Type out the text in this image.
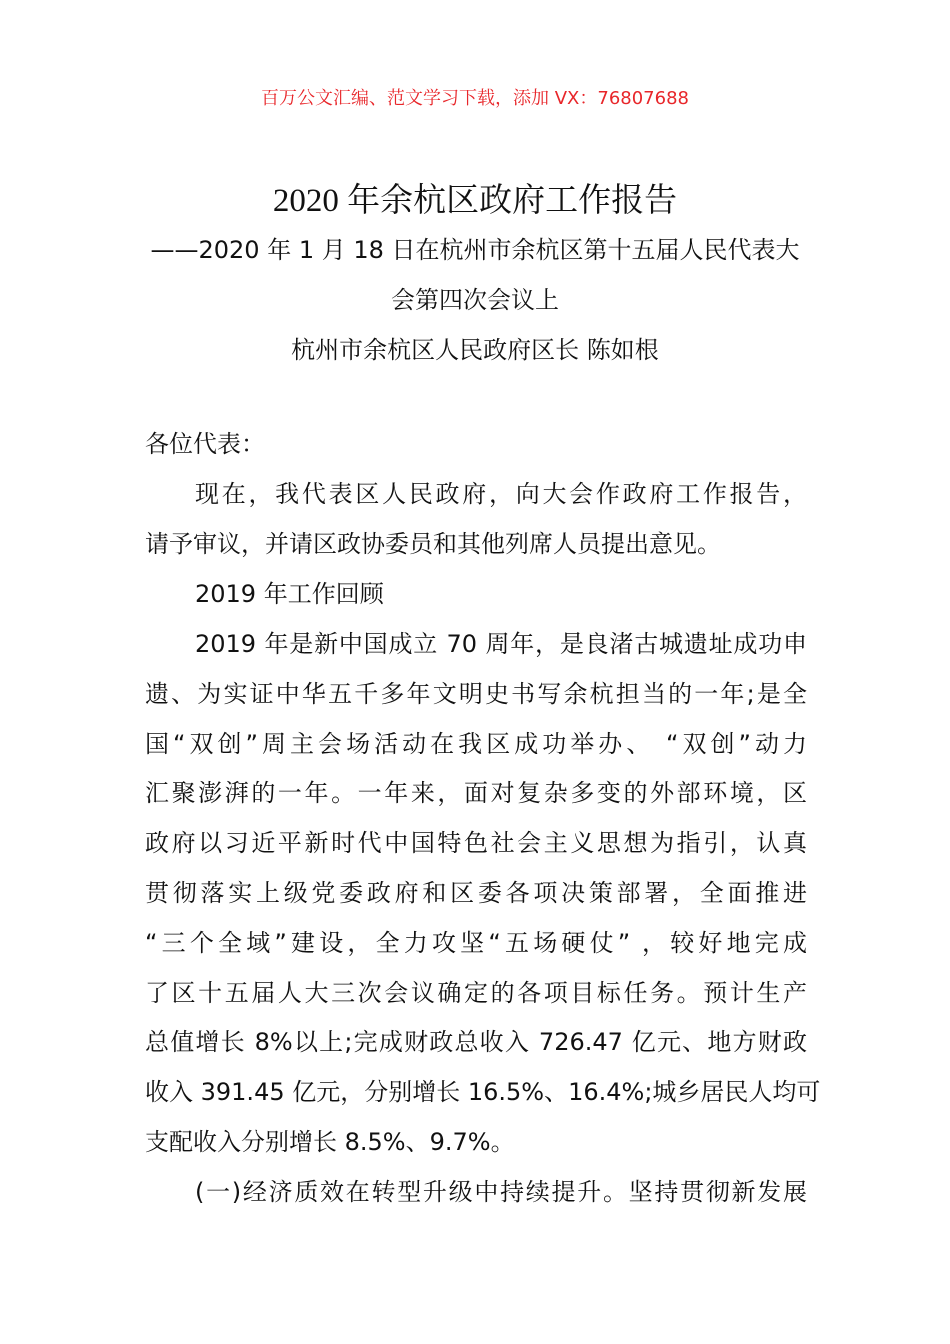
百万公文汇编、范文学习下载，添加 VX：76807688
2020 年余杭区政府工作报告
——2020 年 1 月 18 日在杭州市余杭区第十五届人民代表大
会第四次会议上
杭州市余杭区人民政府区长 陈如根
各位代表：
现在，我代表区人民政府，向大会作政府工作报告，
请予审议，并请区政协委员和其他列席人员提出意见。
2019 年工作回顾
2019 年是新中国成立 70 周年，是良渚古城遗址成功申
遗、为实证中华五千多年文明史书写余杭担当的一年;是全
国“双创”周主会场活动在我区成功举办、 “双创”动力
汇聚澎湃的一年。一年来，面对复杂多变的外部环境，区
政府以习近平新时代中国特色社会主义思想为指引，认真
贯彻落实上级党委政府和区委各项决策部署，全面推进
“三个全域”建设，全力攻坚“五场硬仗” ，较好地完成
了区十五届人大三次会议确定的各项目标任务。预计生产
总值增长 8%以上;完成财政总收入 726.47 亿元、地方财政
收入 391.45 亿元，分别增长 16.5%、16.4%;城乡居民人均可
支配收入分别增长 8.5%、9.7%。
(一)经济质效在转型升级中持续提升。坚持贯彻新发展
